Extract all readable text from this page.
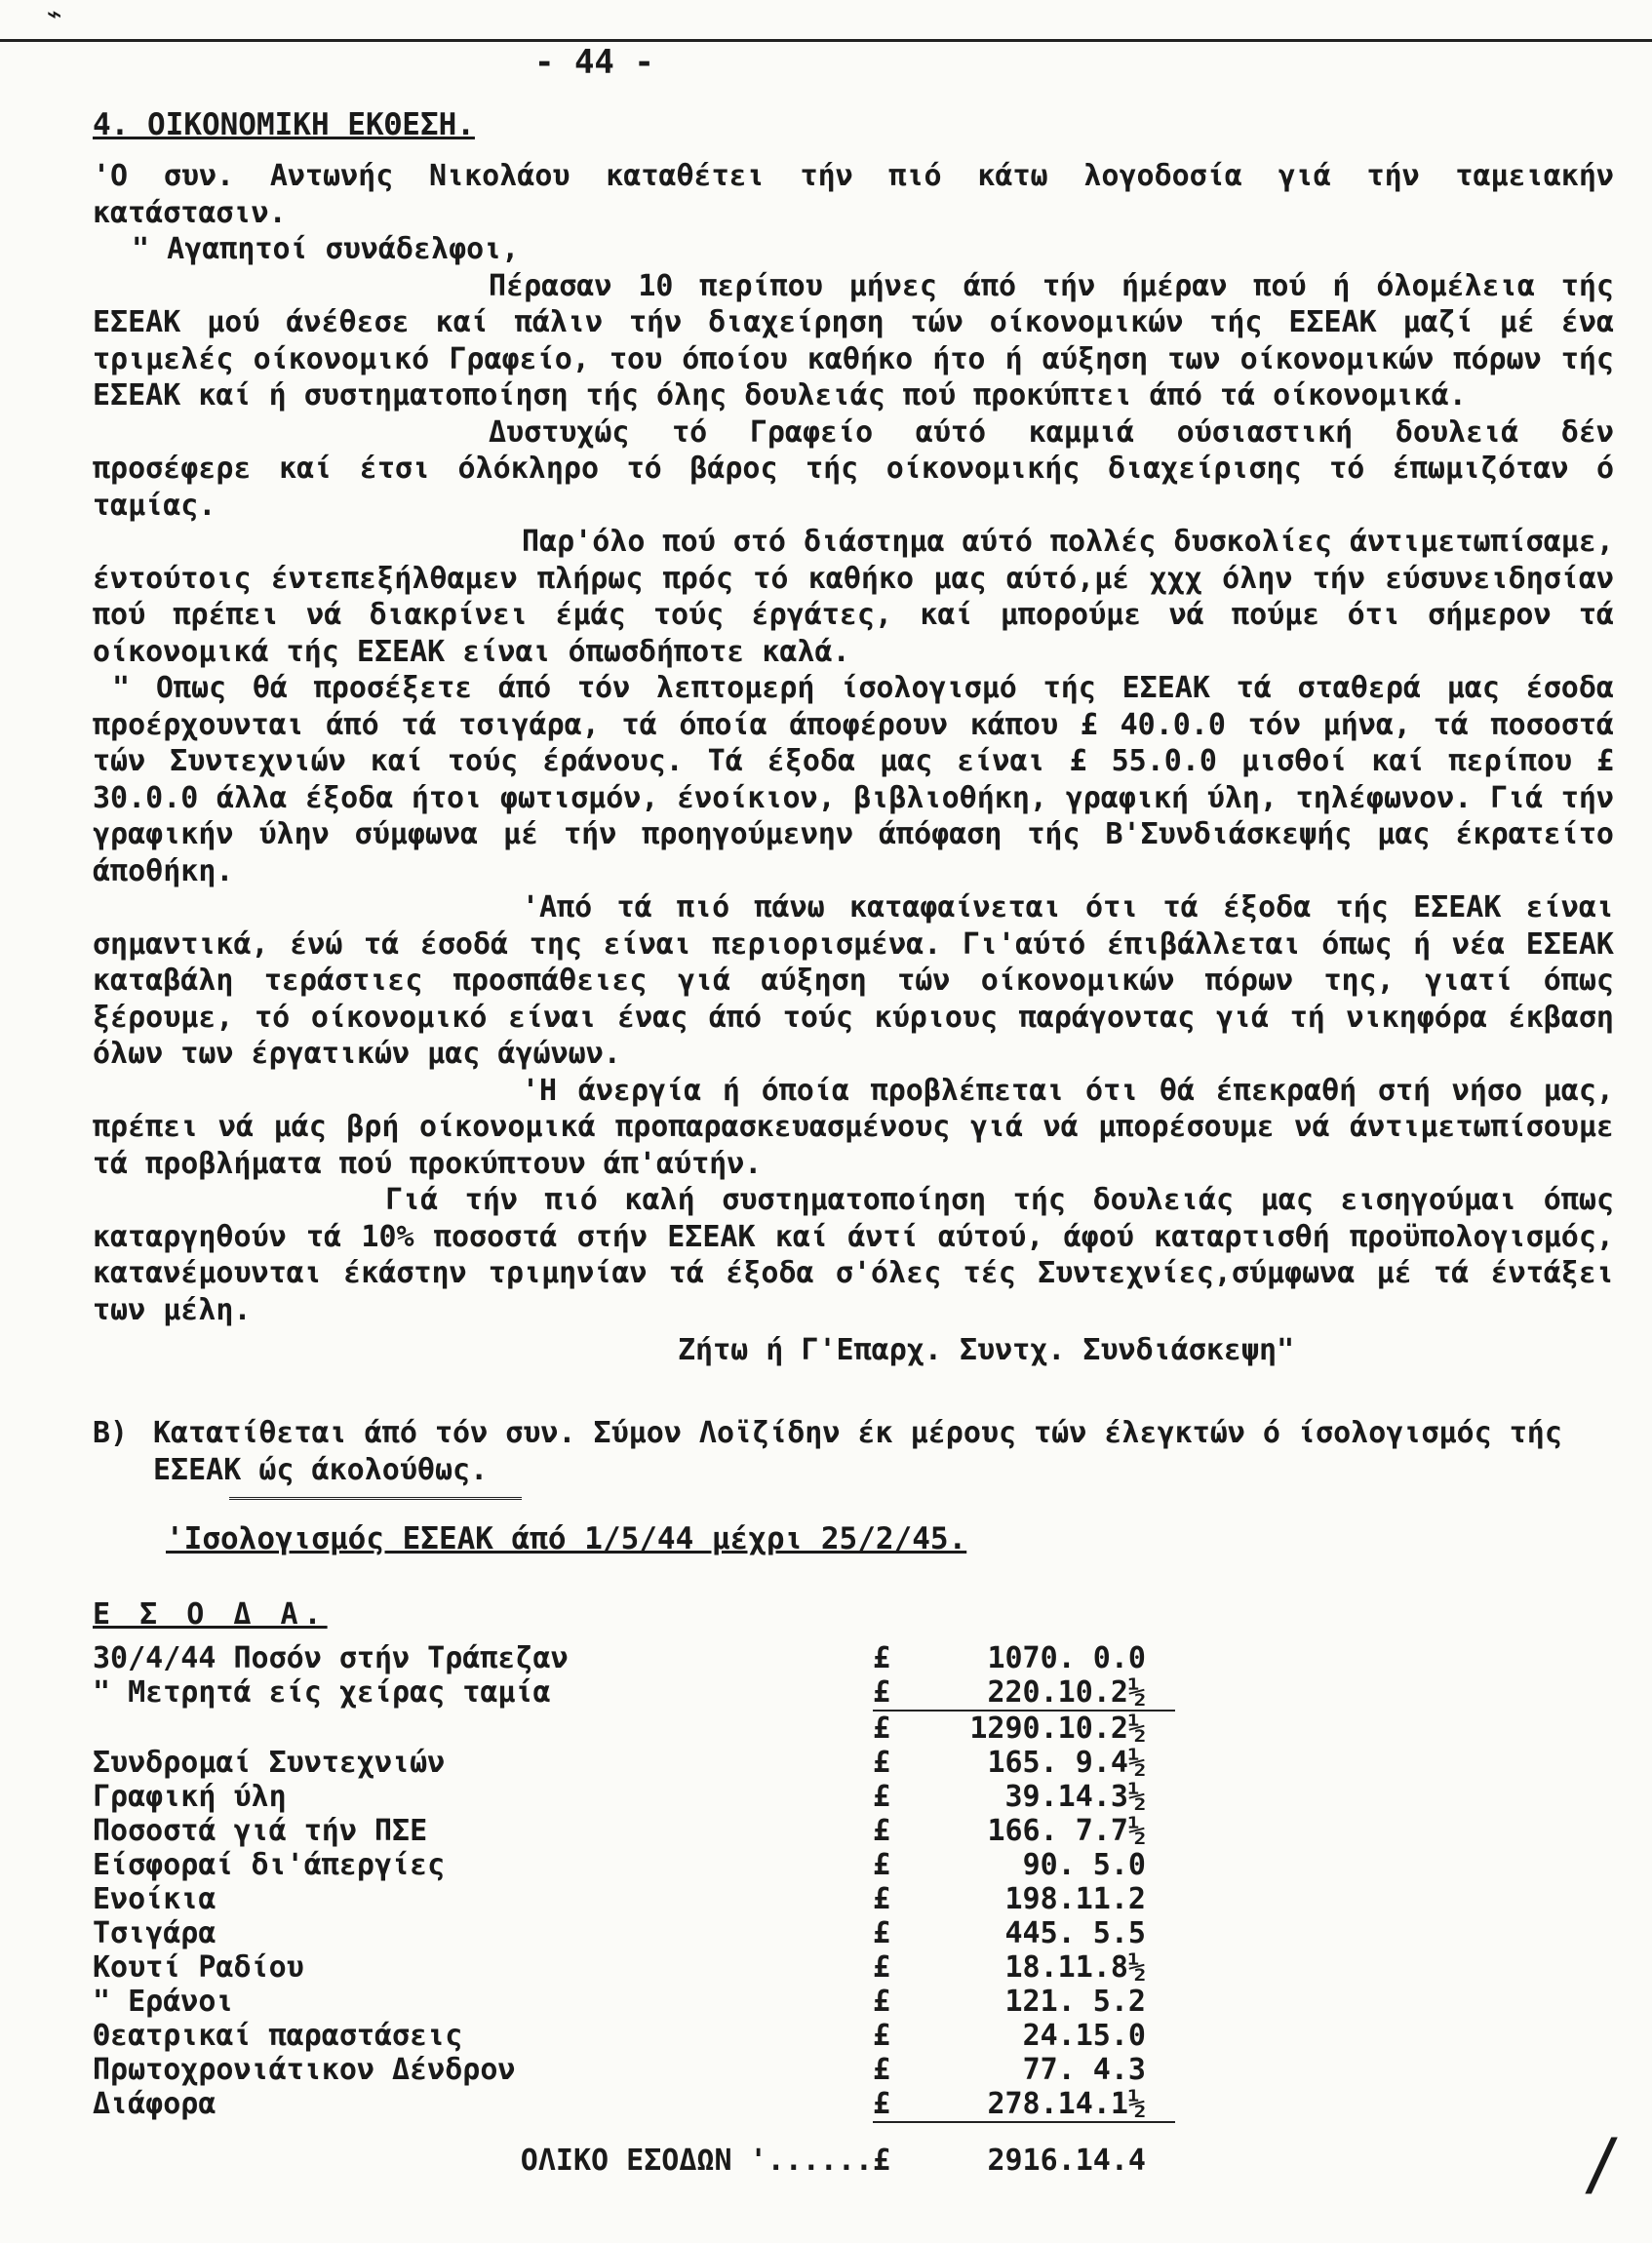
⌁
- 44 -
4. ΟΙΚΟΝΟΜΙΚΗ ΕΚΘΕΣΗ.

'Ο συν. Αντωνής Νικολάου καταθέτει τήν πιό κάτω λογοδοσία γιά τήν ταμειακήν κατάστασιν.

" Αγαπητοί συνάδελφοι,

Πέρασαν 10 περίπου μήνες άπό τήν ήμέραν πού ή όλομέλεια τής ΕΣΕΑΚ μού άνέθεσε καί πάλιν τήν διαχείρηση τών οίκονομικών τής ΕΣΕΑΚ μαζί μέ ένα τριμελές οίκονομικό Γραφείο, του όποίου καθήκο ήτο ή αύξηση των οίκονομικών πόρων τής ΕΣΕΑΚ καί ή συστηματοποίηση τής όλης δουλειάς πού προκύπτει άπό τά οίκονομικά.

Δυστυχώς τό Γραφείο αύτό καμμιά ούσιαστική δουλειά δέν προσέφερε καί έτσι όλόκληρο τό βάρος τής οίκονομικής διαχείρισης τό έπωμιζόταν ό ταμίας.

Παρ'όλο πού στό διάστημα αύτό πολλές δυσκολίες άντιμετωπίσαμε, έντούτοις έντεπεξήλθαμεν πλήρως πρός τό καθήκο μας αύτό,μέ χχχ όλην τήν εύσυνειδησίαν πού πρέπει νά διακρίνει έμάς τούς έργάτες, καί μπορούμε νά πούμε ότι σήμερον τά οίκονομικά τής ΕΣΕΑΚ είναι όπωσδήποτε καλά.

" Οπως θά προσέξετε άπό τόν λεπτομερή ίσολογισμό τής ΕΣΕΑΚ τά σταθερά μας έσοδα προέρχουνται άπό τά τσιγάρα, τά όποία άποφέρουν κάπου £ 40.0.0 τόν μήνα, τά ποσοστά τών Συντεχνιών καί τούς έράνους. Τά έξοδα μας είναι £ 55.0.0 μισθοί καί περίπου £ 30.0.0 άλλα έξοδα ήτοι φωτισμόν, ένοίκιον, βιβλιοθήκη, γραφική ύλη, τηλέφωνον. Γιά τήν γραφικήν ύλην σύμφωνα μέ τήν προηγούμενην άπόφαση τής Β'Συνδιάσκεψής μας έκρατείτο άποθήκη.

'Από τά πιό πάνω καταφαίνεται ότι τά έξοδα τής ΕΣΕΑΚ είναι σημαντικά, ένώ τά έσοδά της είναι περιορισμένα. Γι'αύτό έπιβάλλεται όπως ή νέα ΕΣΕΑΚ καταβάλη τεράστιες προσπάθειες γιά αύξηση τών οίκονομικών πόρων της, γιατί όπως ξέρουμε, τό οίκονομικό είναι ένας άπό τούς κύριους παράγοντας γιά τή νικηφόρα έκβαση όλων των έργατικών μας άγώνων.

'Η άνεργία ή όποία προβλέπεται ότι θά έπεκραθή στή νήσο μας, πρέπει νά μάς βρή οίκονομικά προπαρασκευασμένους γιά νά μπορέσουμε νά άντιμετωπίσουμε τά προβλήματα πού προκύπτουν άπ'αύτήν.

Γιά τήν πιό καλή συστηματοποίηση τής δουλειάς μας εισηγούμαι όπως καταργηθούν τά 10% ποσοστά στήν ΕΣΕΑΚ καί άντί αύτού, άφού καταρτισθή προϋπολογισμός, κατανέμουνται έκάστην τριμηνίαν τά έξοδα σ'όλες τές Συντεχνίες,σύμφωνα μέ τά έντάξει των μέλη.

Ζήτω ή Γ'Επαρχ. Συντχ. Συνδιάσκεψη"
Β) Κατατίθεται άπό τόν συν. Σύμον Λοϊζίδην έκ μέρους τών έλεγκτών ό ίσολογισμός τής ΕΣΕΑΚ ώς άκολούθως.
'Ισολογισμός ΕΣΕΑΚ άπό 1/5/44 μέχρι 25/2/45.
Ε Σ Ο Δ Α.
30/4/44 Ποσόν στήν Τράπεζαν	£	1070. 0.0
" Μετρητά είς χείρας ταμία	£	220.10.2½
£	1290.10.2½
Συνδρομαί Συντεχνιών	£	165. 9.4½
Γραφική ύλη	£	39.14.3½
Ποσοστά γιά τήν ΠΣΕ	£	166. 7.7½
Είσφοραί δι'άπεργίες	£	90. 5.0
Ενοίκια	£	198.11.2
Τσιγάρα	£	445. 5.5
Κουτί Ραδίου	£	18.11.8½
" Εράνοι	£	121. 5.2
Θεατρικαί παραστάσεις	£	24.15.0
Πρωτοχρονιάτικον Δένδρον	£	77. 4.3
Διάφορα	£	278.14.1½
ΟΛΙΚΟ ΕΣΟΔΩΝ '...... £	2916.14.4	/
